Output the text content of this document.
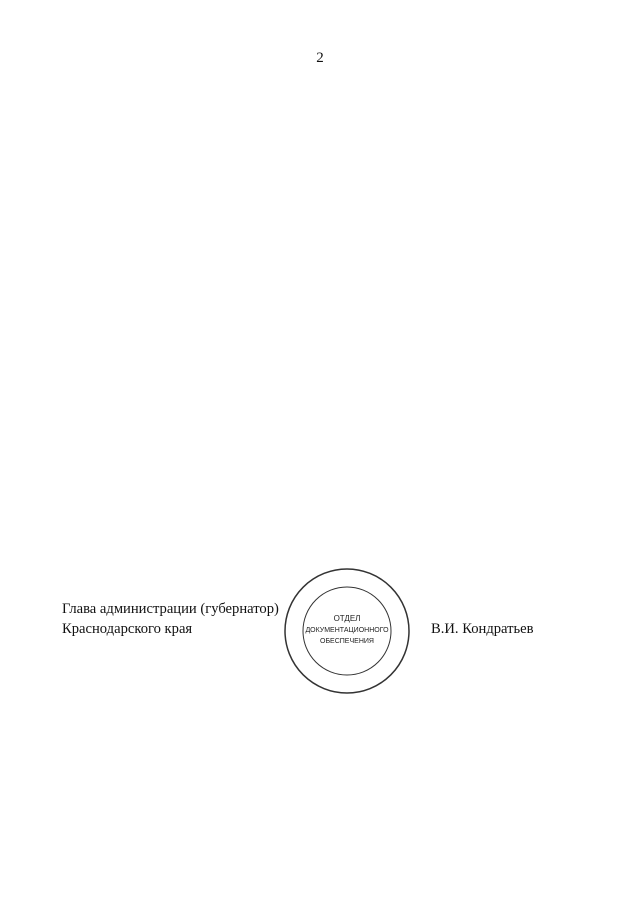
2
Глава администрации (губернатор)
Краснодарского края	В.И. Кондратьев
ОТДЕЛ
ДОКУМЕНТАЦИОННОГО
ОБЕСПЕЧЕНИЯ
